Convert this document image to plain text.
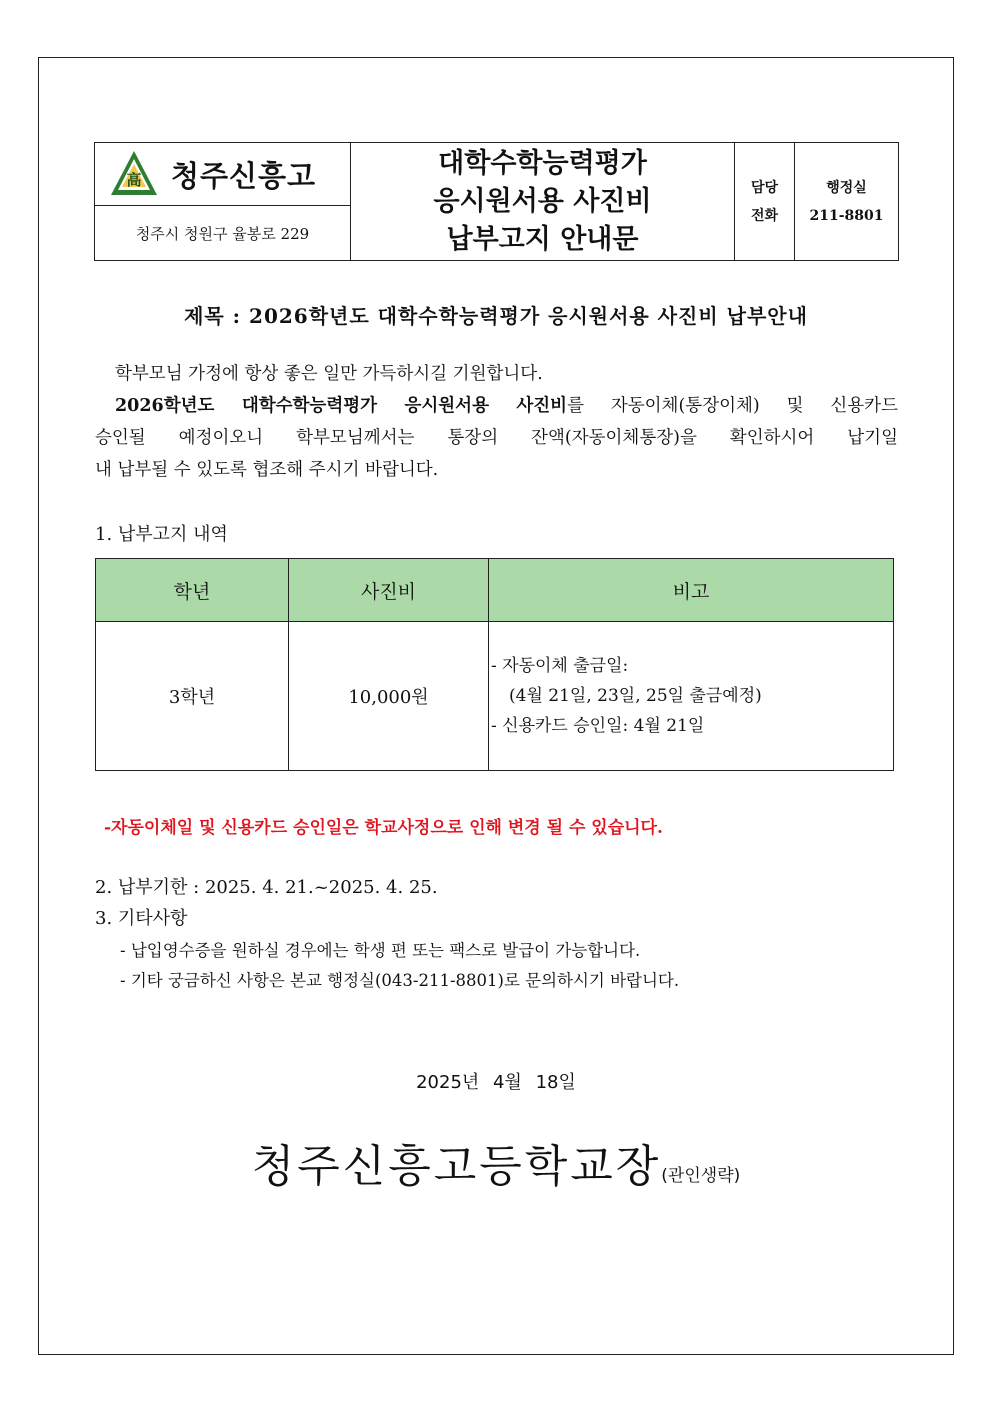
高 청주신흥고	대학수학능력평가
응시원서용 사진비
납부고지 안내문

담당
전화

행정실
211-8801

청주시 청원구 율봉로 229
제목 : 2026학년도 대학수학능력평가 응시원서용 사진비 납부안내
학부모님 가정에 항상 좋은 일만 가득하시길 기원합니다.
2026학년도 대학수학능력평가 응시원서용 사진비를 자동이체(통장이체) 및 신용카드
승인될 예정이오니 학부모님께서는 통장의 잔액(자동이체통장)을 확인하시어 납기일
내 납부될 수 있도록 협조해 주시기 바랍니다.
1. 납부고지 내역
학년	사진비	비고
3학년	10,000원	- 자동이체 출금일:
(4월 21일, 23일, 25일 출금예정)
- 신용카드 승인일: 4월 21일
-자동이체일 및 신용카드 승인일은 학교사정으로 인해 변경 될 수 있습니다.
2. 납부기한 : 2025. 4. 21.~2025. 4. 25.
3. 기타사항
- 납입영수증을 원하실 경우에는 학생 편 또는 팩스로 발급이 가능합니다.
- 기타 궁금하신 사항은 본교 행정실(043-211-8801)로 문의하시기 바랍니다.
2025년 4월 18일
청주신흥고등학교장(관인생략)
